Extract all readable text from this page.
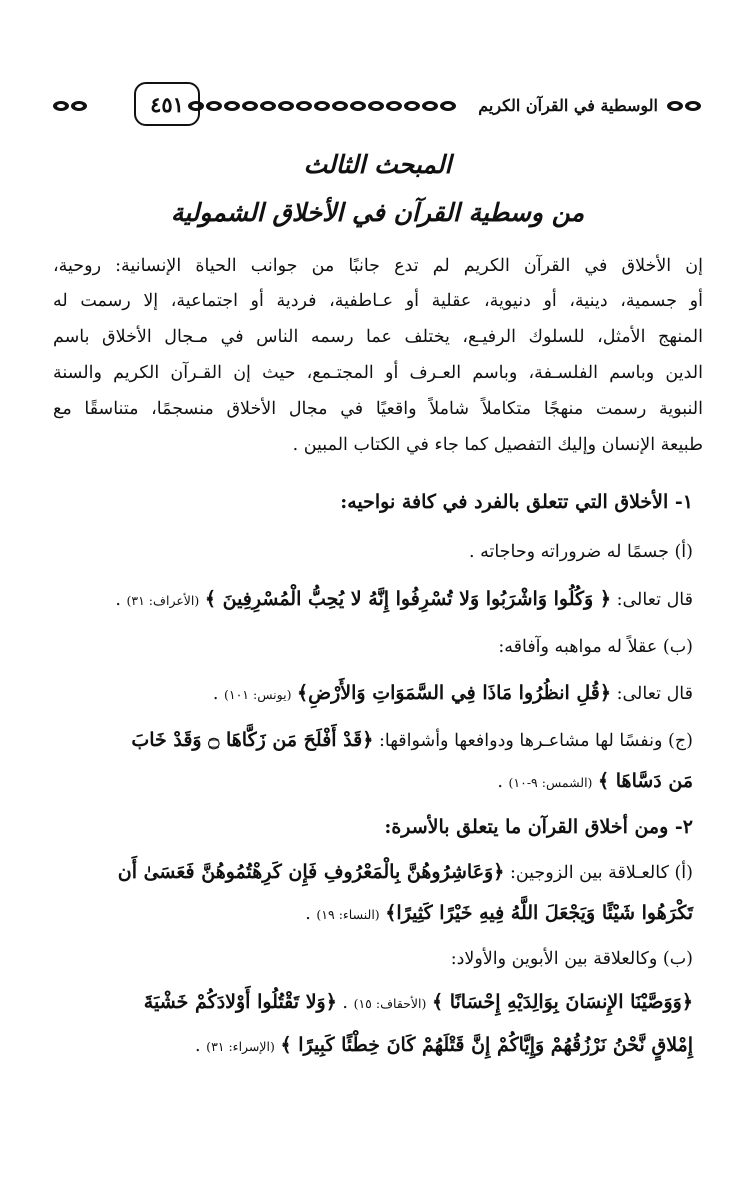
الوسطية في القرآن الكريم
٤٥١
المبحث الثالث
من وسطية القرآن في الأخلاق الشمولية
إن الأخلاق في القرآن الكريم لم تدع جانبًا من جوانب الحياة الإنسانية: روحية،
أو جسمية، دينية، أو دنيوية، عقلية أو عـاطفية، فردية أو اجتماعية، إلا رسمت له
المنهج الأمثل، للسلوك الرفيـع، يختلف عما رسمه الناس في مـجال الأخلاق باسم
الدين وباسم الفلسـفة، وباسم العـرف أو المجتـمع، حيث إن القـرآن الكريم والسنة
النبوية رسمت منهجًا متكاملاً شاملاً واقعيًا في مجال الأخلاق منسجمًا، متناسقًا مع
طبيعة الإنسان وإليك التفصيل كما جاء في الكتاب المبين .
١- الأخلاق التي تتعلق بالفرد في كافة نواحيه:
(أ) جسمًا له ضروراته وحاجاته .
قال تعالى: ﴿ وَكُلُوا وَاشْرَبُوا وَلا تُسْرِفُوا إِنَّهُ لا يُحِبُّ الْمُسْرِفِينَ ﴾ (الأعراف: ٣١) .
(ب) عقلاً له مواهبه وآفاقه:
قال تعالى: ﴿قُلِ انظُرُوا مَاذَا فِي السَّمَوَاتِ وَالأَرْضِ﴾ (يونس: ١٠١) .
(ج) ونفسًا لها مشاعـرها ودوافعها وأشواقها: ﴿قَدْ أَفْلَحَ مَن زَكَّاهَا ۝ وَقَدْ خَابَ
مَن دَسَّاهَا ﴾ (الشمس: ٩-١٠) .
٢- ومن أخلاق القرآن ما يتعلق بالأسرة:
(أ) كالعـلاقة بين الزوجين: ﴿وَعَاشِرُوهُنَّ بِالْمَعْرُوفِ فَإِن كَرِهْتُمُوهُنَّ فَعَسَىٰ أَن
تَكْرَهُوا شَيْئًا وَيَجْعَلَ اللَّهُ فِيهِ خَيْرًا كَثِيرًا﴾ (النساء: ١٩) .
(ب) وكالعلاقة بين الأبوين والأولاد:
﴿وَوَصَّيْنَا الإِنسَانَ بِوَالِدَيْهِ إِحْسَانًا ﴾ (الأحقاف: ١٥) . ﴿وَلا تَقْتُلُوا أَوْلادَكُمْ خَشْيَةَ
إِمْلاقٍ نَّحْنُ نَرْزُقُهُمْ وَإِيَّاكُمْ إِنَّ قَتْلَهُمْ كَانَ خِطْئًا كَبِيرًا ﴾ (الإسراء: ٣١) .
